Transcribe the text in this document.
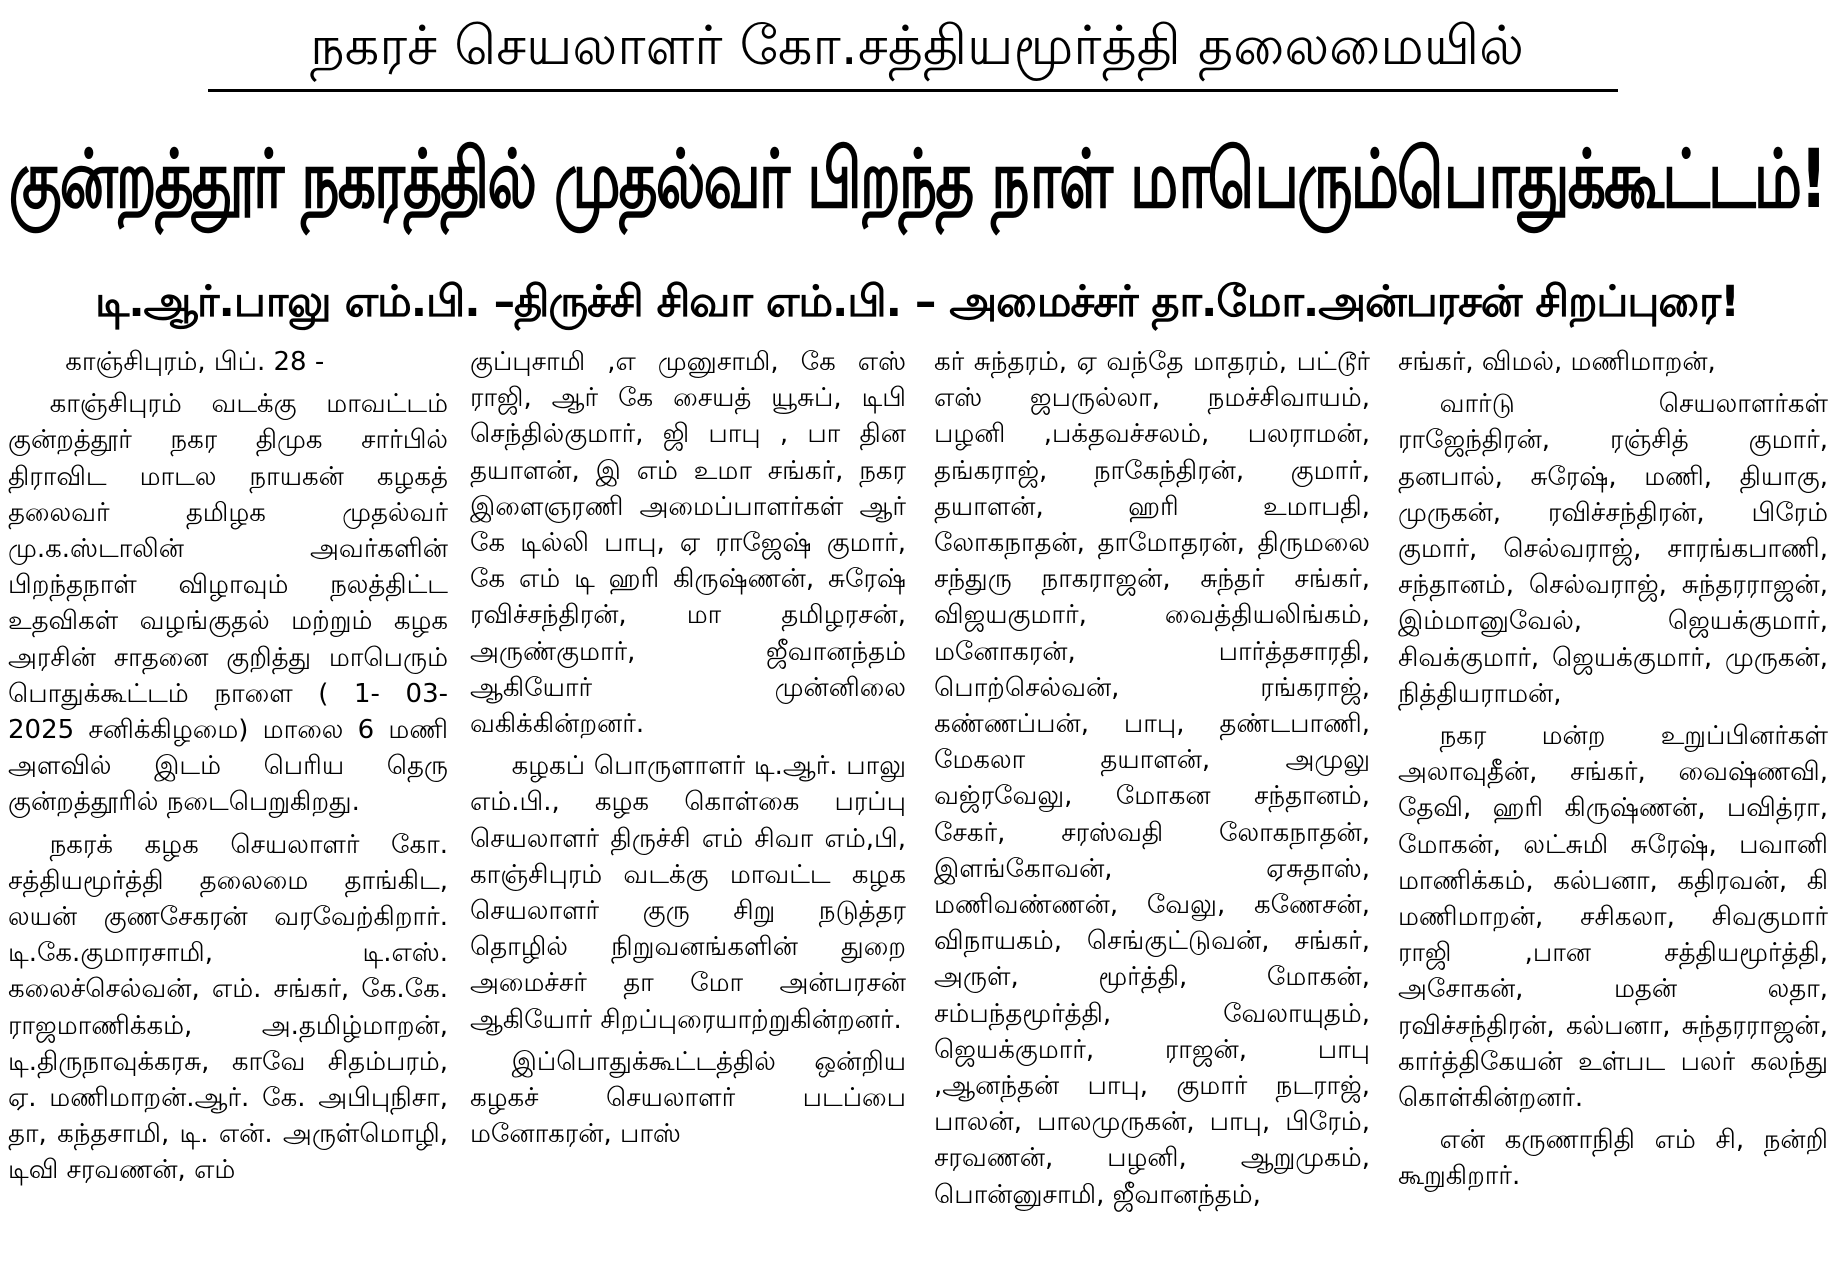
நகரச் செயலாளர் கோ.சத்தியமூர்த்தி தலைமையில்
குன்றத்தூர் நகரத்தில் முதல்வர் பிறந்த நாள் மாபெரும்பொதுக்கூட்டம்!
டி.ஆர்.பாலு எம்.பி. –திருச்சி சிவா எம்.பி. – அமைச்சர் தா.மோ.அன்பரசன் சிறப்புரை!

காஞ்சிபுரம், பிப். 28 -

காஞ்சிபுரம் வடக்கு மாவட்டம் குன்றத்தூர் நகர திமுக சார்பில் திராவிட மாடல நாயகன் கழகத் தலைவர் தமிழக முதல்வர் மு.க.ஸ்டாலின் அவர்களின் பிறந்தநாள் விழாவும் நலத்திட்ட உதவிகள் வழங்குதல் மற்றும் கழக அரசின் சாதனை குறித்து மாபெரும் பொதுக்கூட்டம் நாளை ( 1- 03- 2025 சனிக்கிழமை) மாலை 6 மணி அளவில் இடம் பெரிய தெரு குன்றத்தூரில் நடைபெறுகிறது.

நகரக் கழக செயலாளர் கோ. சத்தியமூர்த்தி தலைமை தாங்கிட, லயன் குணசேகரன் வரவேற்கிறார். டி.கே.குமாரசாமி, டி.எஸ். கலைச்செல்வன், எம். சங்கர், கே.கே. ராஜமாணிக்கம், அ.தமிழ்மாறன், டி.திருநாவுக்கரசு, காவே சிதம்பரம், ஏ. மணிமாறன்.ஆர். கே. அபிபுநிசா, தா, கந்தசாமி, டி. என். அருள்மொழி, டிவி சரவணன், எம்

குப்புசாமி ,எ முனுசாமி, கே எஸ் ராஜி, ஆர் கே சையத் யூசுப், டிபி செந்தில்குமார், ஜி பாபு , பா தின தயாளன், இ எம் உமா சங்கர், நகர இளைஞரணி அமைப்பாளர்கள் ஆர் கே டில்லி பாபு, ஏ ராஜேஷ் குமார், கே எம் டி ஹரி கிருஷ்ணன், சுரேஷ் ரவிச்சந்திரன், மா தமிழரசன், அருண்குமார், ஜீவானந்தம் ஆகியோர் முன்னிலை வகிக்கின்றனர்.

கழகப் பொருளாளர் டி.ஆர். பாலு எம்.பி., கழக கொள்கை பரப்பு செயலாளர் திருச்சி எம் சிவா எம்,பி, காஞ்சிபுரம் வடக்கு மாவட்ட கழக செயலாளர் குரு சிறு நடுத்தர தொழில் நிறுவனங்களின் துறை அமைச்சர் தா மோ அன்பரசன் ஆகியோர் சிறப்புரையாற்றுகின்றனர்.

இப்பொதுக்கூட்டத்தில் ஒன்றிய கழகச் செயலாளர் படப்பை மனோகரன், பாஸ்

கர் சுந்தரம், ஏ வந்தே மாதரம், பட்டூர் எஸ் ஜபருல்லா, நமச்சிவாயம், பழனி ,பக்தவச்சலம், பலராமன், தங்கராஜ், நாகேந்திரன், குமார், தயாளன், ஹரி உமாபதி, லோகநாதன், தாமோதரன், திருமலை சந்துரு நாகராஜன், சுந்தர் சங்கர், விஜயகுமார், வைத்தியலிங்கம், மனோகரன், பார்த்தசாரதி, பொற்செல்வன், ரங்கராஜ், கண்ணப்பன், பாபு, தண்டபாணி, மேகலா தயாளன், அமுலு வஜ்ரவேலு, மோகன சந்தானம், சேகர், சரஸ்வதி லோகநாதன், இளங்கோவன், ஏசுதாஸ், மணிவண்ணன், வேலு, கணேசன், விநாயகம், செங்குட்டுவன், சங்கர், அருள், மூர்த்தி, மோகன், சம்பந்தமூர்த்தி, வேலாயுதம், ஜெயக்குமார், ராஜன், பாபு ,ஆனந்தன் பாபு, குமார் நடராஜ், பாலன், பாலமுருகன், பாபு, பிரேம், சரவணன், பழனி, ஆறுமுகம், பொன்னுசாமி, ஜீவானந்தம்,

சங்கர், விமல், மணிமாறன்,

வார்டு செயலாளர்கள் ராஜேந்திரன், ரஞ்சித் குமார், தனபால், சுரேஷ், மணி, தியாகு, முருகன், ரவிச்சந்திரன், பிரேம் குமார், செல்வராஜ், சாரங்கபாணி, சந்தானம், செல்வராஜ், சுந்தரராஜன், இம்மானுவேல், ஜெயக்குமார், சிவக்குமார், ஜெயக்குமார், முருகன், நித்தியராமன்,

நகர மன்ற உறுப்பினர்கள் அலாவுதீன், சங்கர், வைஷ்ணவி, தேவி, ஹரி கிருஷ்ணன், பவித்ரா, மோகன், லட்சுமி சுரேஷ், பவானி மாணிக்கம், கல்பனா, கதிரவன், கி மணிமாறன், சசிகலா, சிவகுமார் ராஜி ,பான சத்தியமூர்த்தி, அசோகன், மதன் லதா, ரவிச்சந்திரன், கல்பனா, சுந்தரராஜன், கார்த்திகேயன் உள்பட பலர் கலந்து கொள்கின்றனர்.

என் கருணாநிதி எம் சி, நன்றி கூறுகிறார்.
